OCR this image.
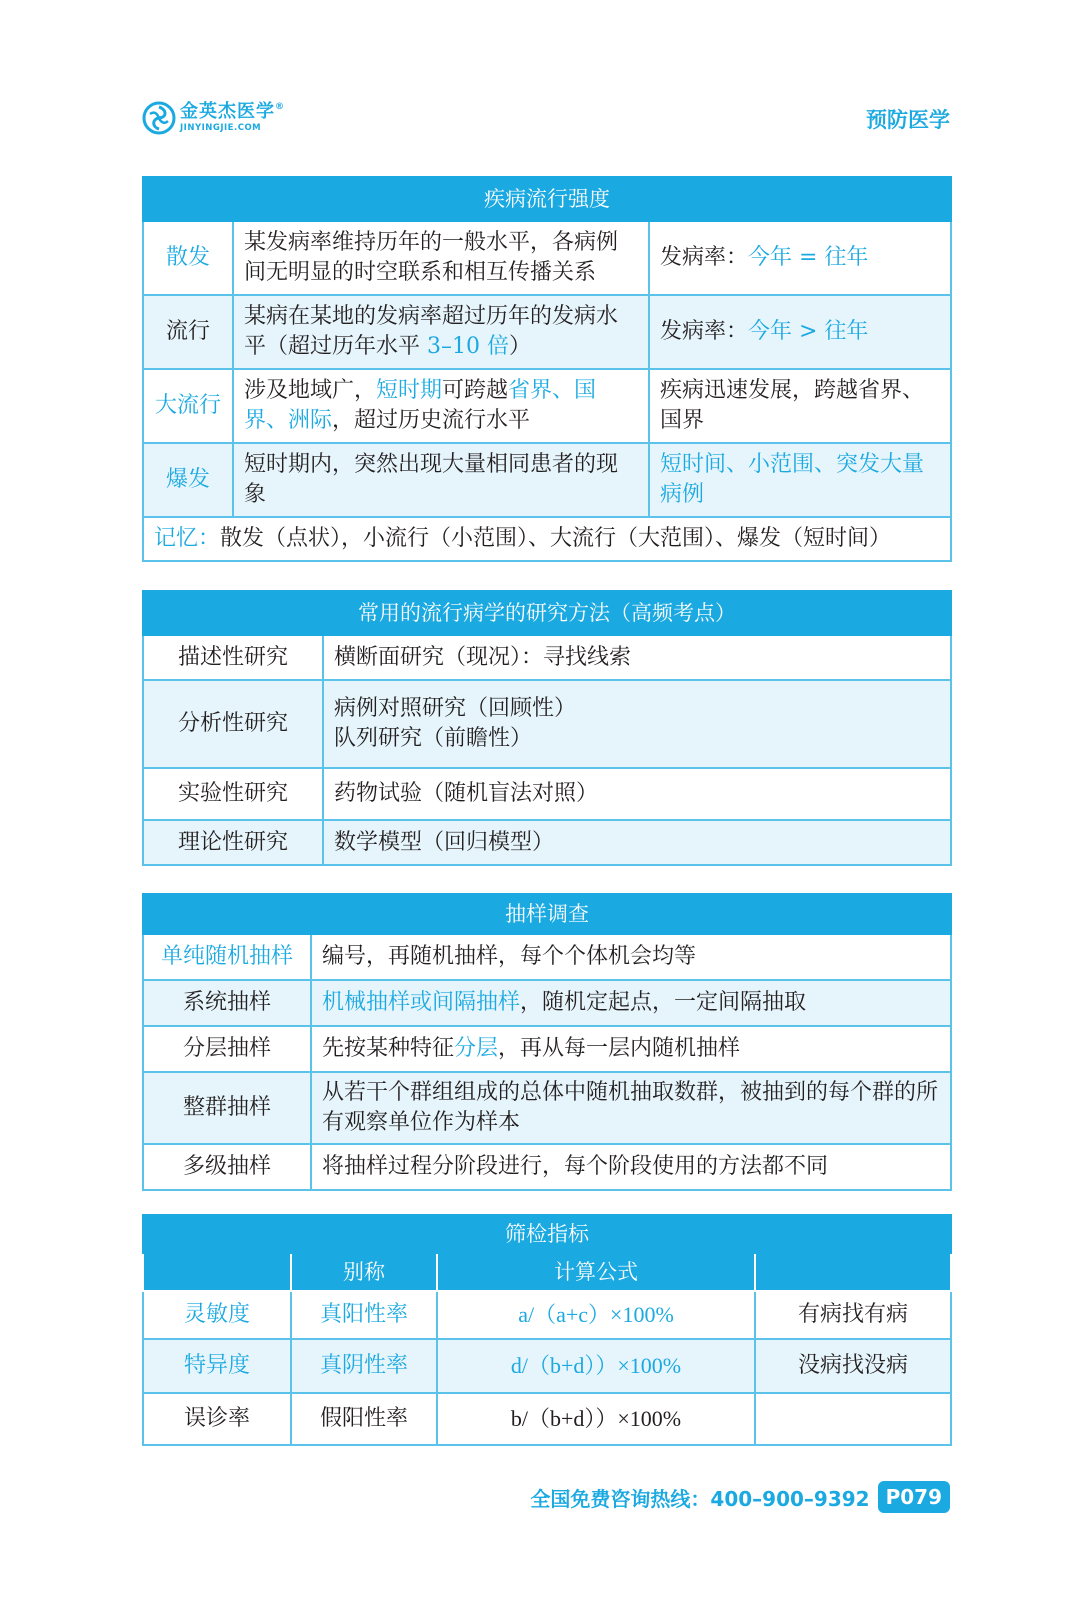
金英杰医学®
JINYINGJIE.COM	预防医学
疾病流行强度		
散发	某发病率维持历年的一般水平，各病例间无明显的时空联系和相互传播关系	发病率：今年 = 往年
流行	某病在某地的发病率超过历年的发病水平（超过历年水平 3–10 倍）	发病率：今年 > 往年
大流行	涉及地域广，短时期可跨越省界、国界、洲际，超过历史流行水平	疾病迅速发展，跨越省界、国界
爆发	短时期内，突然出现大量相同患者的现象	短时间、小范围、突发大量病例
记忆：散发（点状），小流行（小范围）、大流行（大范围）、爆发（短时间）		
常用的流行病学的研究方法（高频考点）	
描述性研究	横断面研究（现况）：寻找线索
分析性研究	病例对照研究（回顾性）
队列研究（前瞻性）

实验性研究	药物试验（随机盲法对照）
理论性研究	数学模型（回归模型）
抽样调查	
单纯随机抽样	编号，再随机抽样，每个个体机会均等
系统抽样	机械抽样或间隔抽样，随机定起点，一定间隔抽取
分层抽样	先按某种特征分层，再从每一层内随机抽样
整群抽样	从若干个群组组成的总体中随机抽取数群，被抽到的每个群的所有观察单位作为样本
多级抽样	将抽样过程分阶段进行，每个阶段使用的方法都不同
筛检指标			
	别称	计算公式	
灵敏度	真阳性率	a/（a+c）×100%	有病找有病
特异度	真阴性率	d/（b+d））×100%	没病找没病
误诊率	假阳性率	b/（b+d））×100%	
全国免费咨询热线：400–900–9392 P079
